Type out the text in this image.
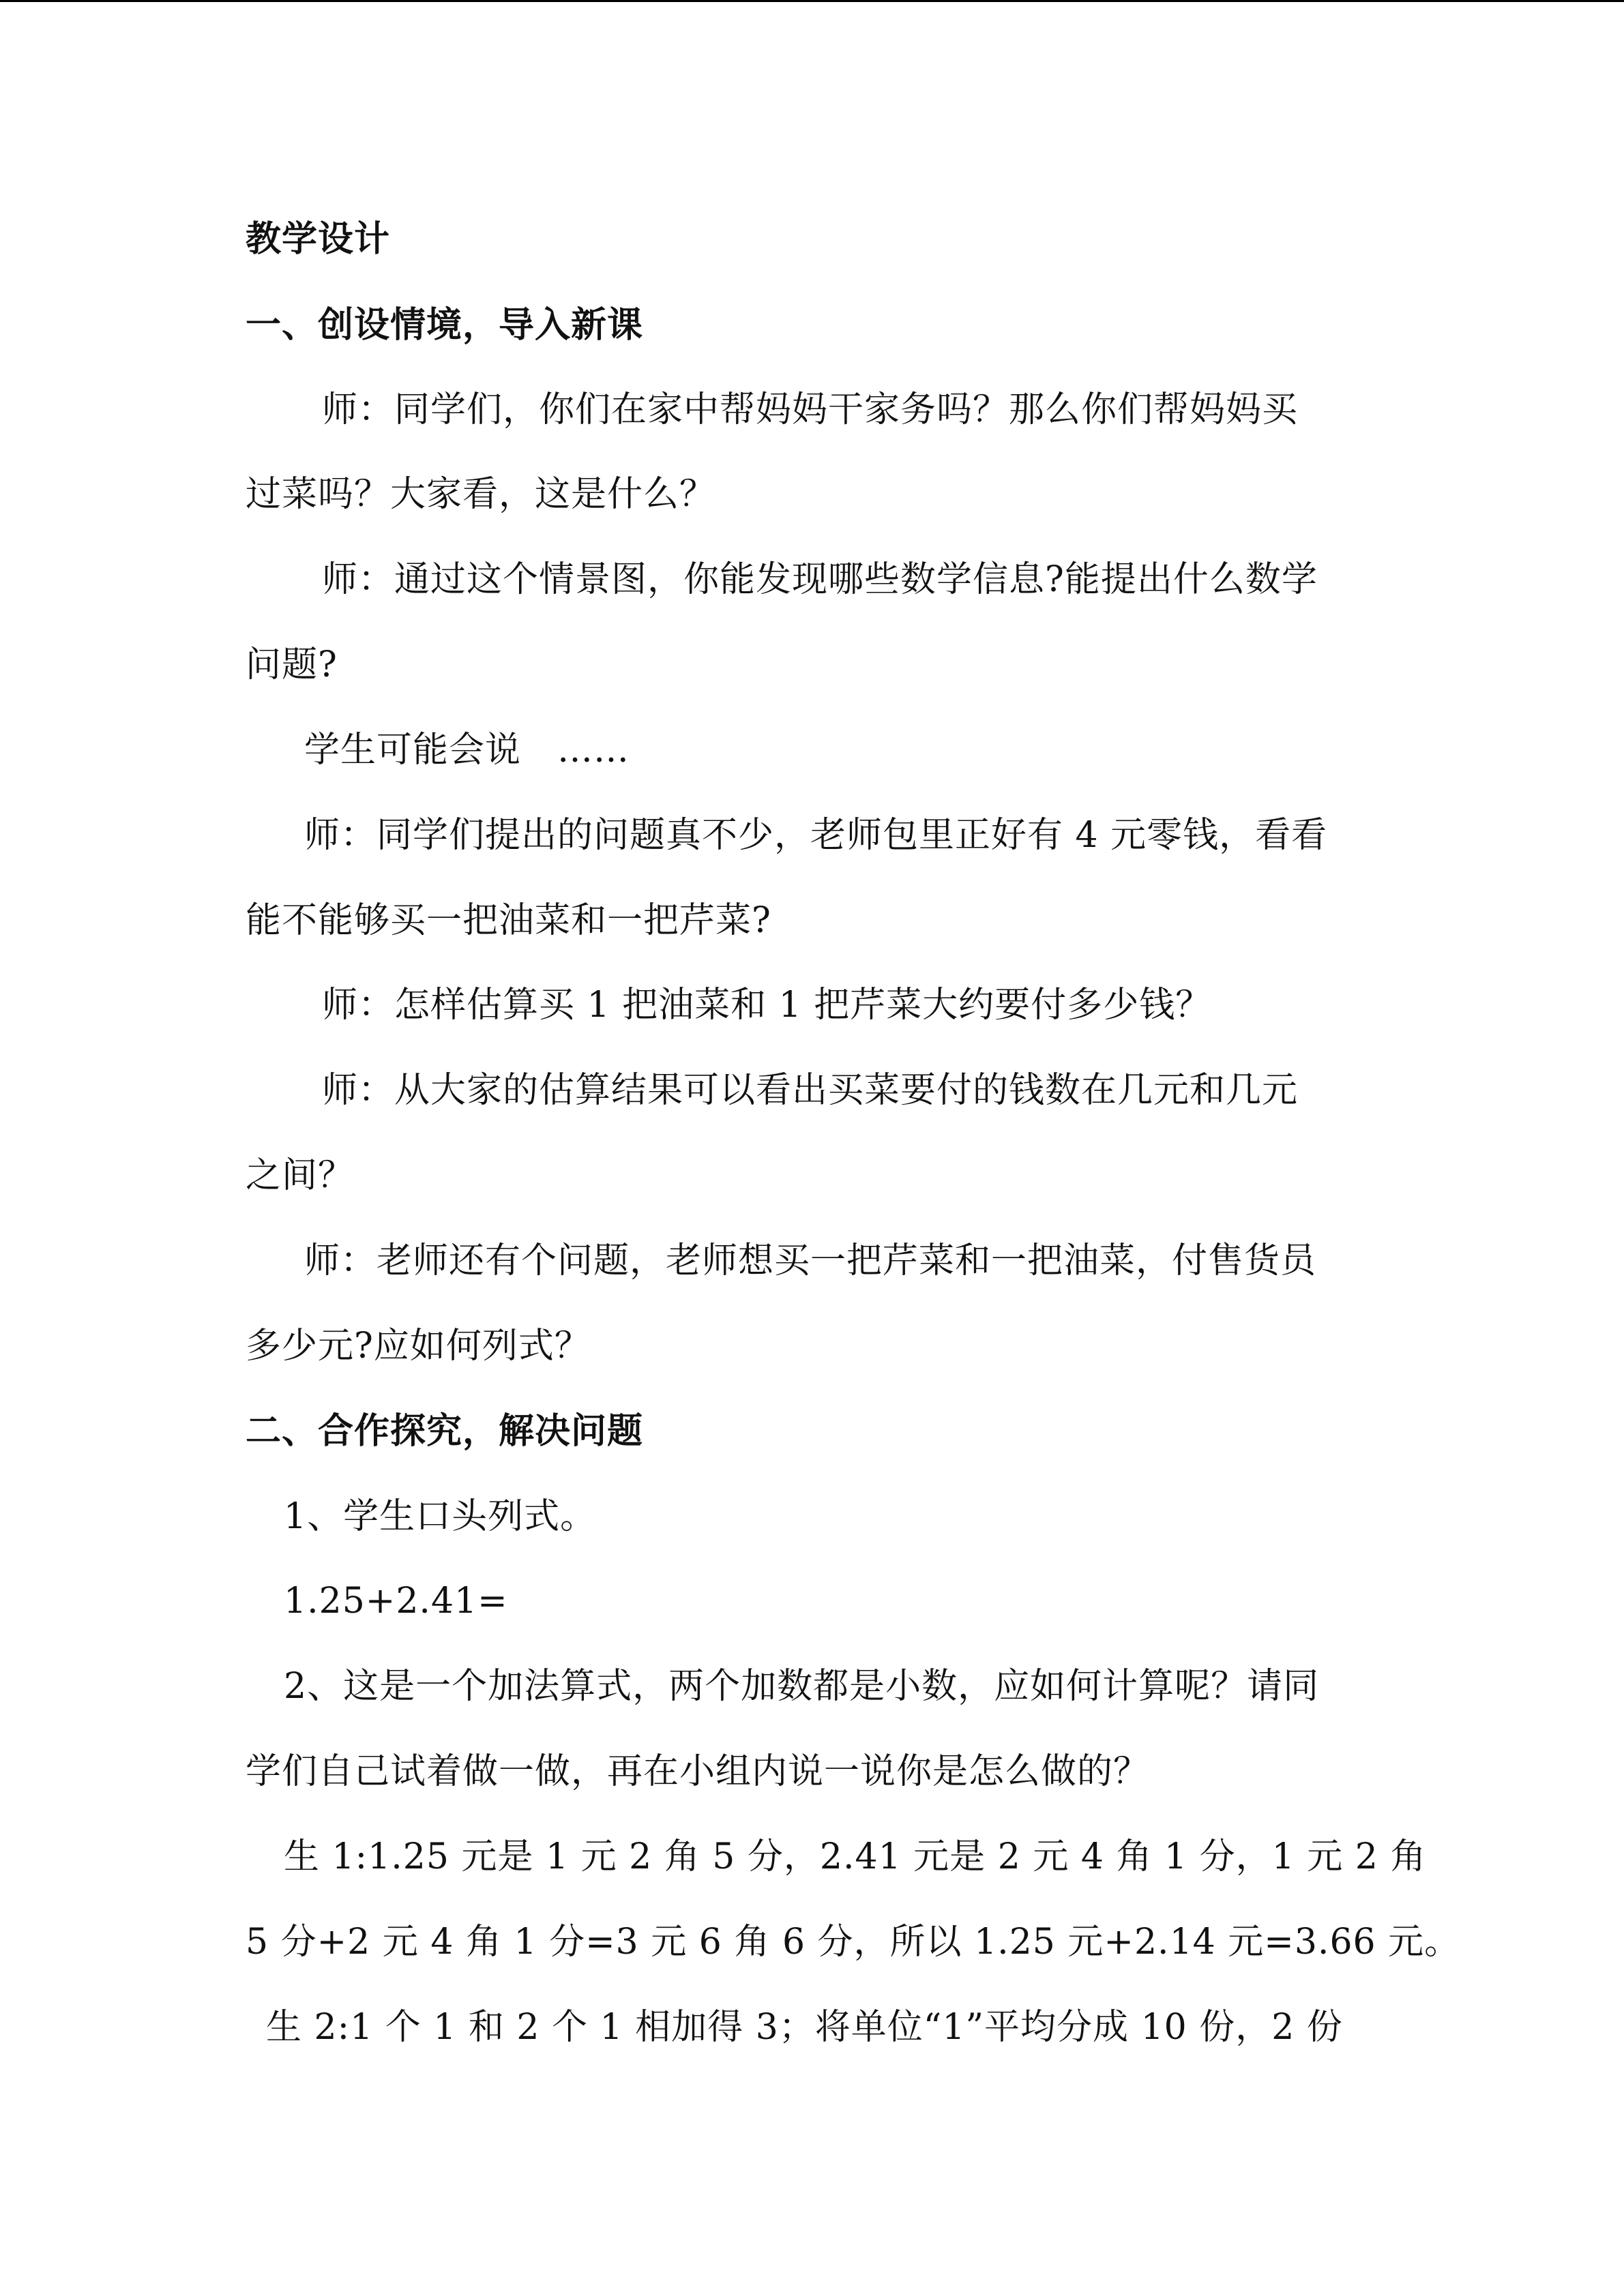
教学设计
一、创设情境，导入新课
师：同学们，你们在家中帮妈妈干家务吗？那么你们帮妈妈买
过菜吗？大家看，这是什么？
师：通过这个情景图，你能发现哪些数学信息?能提出什么数学
问题?
学生可能会说　……
师：同学们提出的问题真不少，老师包里正好有 4 元零钱，看看
能不能够买一把油菜和一把芹菜?
师：怎样估算买 1 把油菜和 1 把芹菜大约要付多少钱？
师：从大家的估算结果可以看出买菜要付的钱数在几元和几元
之间？
师：老师还有个问题，老师想买一把芹菜和一把油菜，付售货员
多少元?应如何列式？
二、合作探究，解决问题
1、学生口头列式。
1.25+2.41=
2、这是一个加法算式，两个加数都是小数，应如何计算呢？请同
学们自己试着做一做，再在小组内说一说你是怎么做的？
生 1:1.25 元是 1 元 2 角 5 分，2.41 元是 2 元 4 角 1 分，1 元 2 角
5 分+2 元 4 角 1 分=3 元 6 角 6 分，所以 1.25 元+2.14 元=3.66 元。
生 2:1 个 1 和 2 个 1 相加得 3；将单位“1”平均分成 10 份，2 份
